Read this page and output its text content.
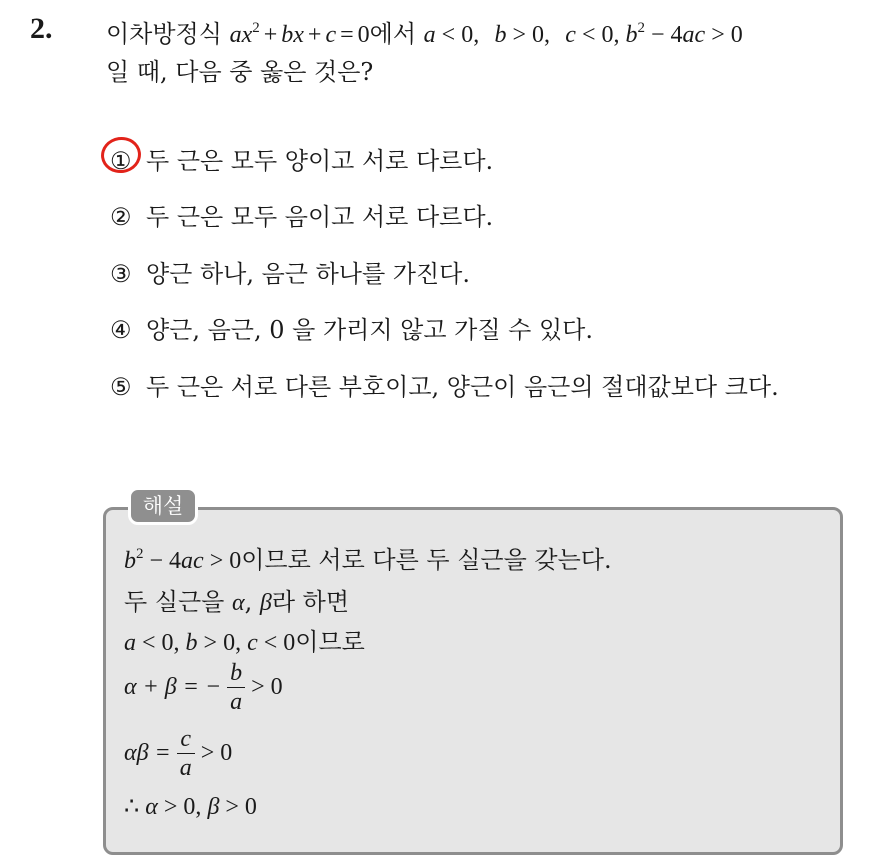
2. 이차방정식 $ax^2$ + bx + c = 0에서 a < 0, b > 0, c < 0, $b^2 - 4ac > 0$
일 때, 다음 중 옳은 것은?
① 두 근은 모두 양이고 서로 다르다.
② 두 근은 모두 음이고 서로 다르다.
③ 양근 하나, 음근 하나를 가진다.
④ 양근, 음근, 0 을 가리지 않고 가질 수 있다.
⑤ 두 근은 서로 다른 부호이고, 양근이 음근의 절대값보다 크다.
해설
$b^2 - 4ac > 0$이므로 서로 다른 두 실근을 갖는다.
두 실근을 α, β라 하면
a < 0, b > 0, c < 0이므로
α + β = − $\frac{b}{a} > 0$
$\alpha\beta = \frac{c}{a} > 0$
∴ α > 0, β > 0
